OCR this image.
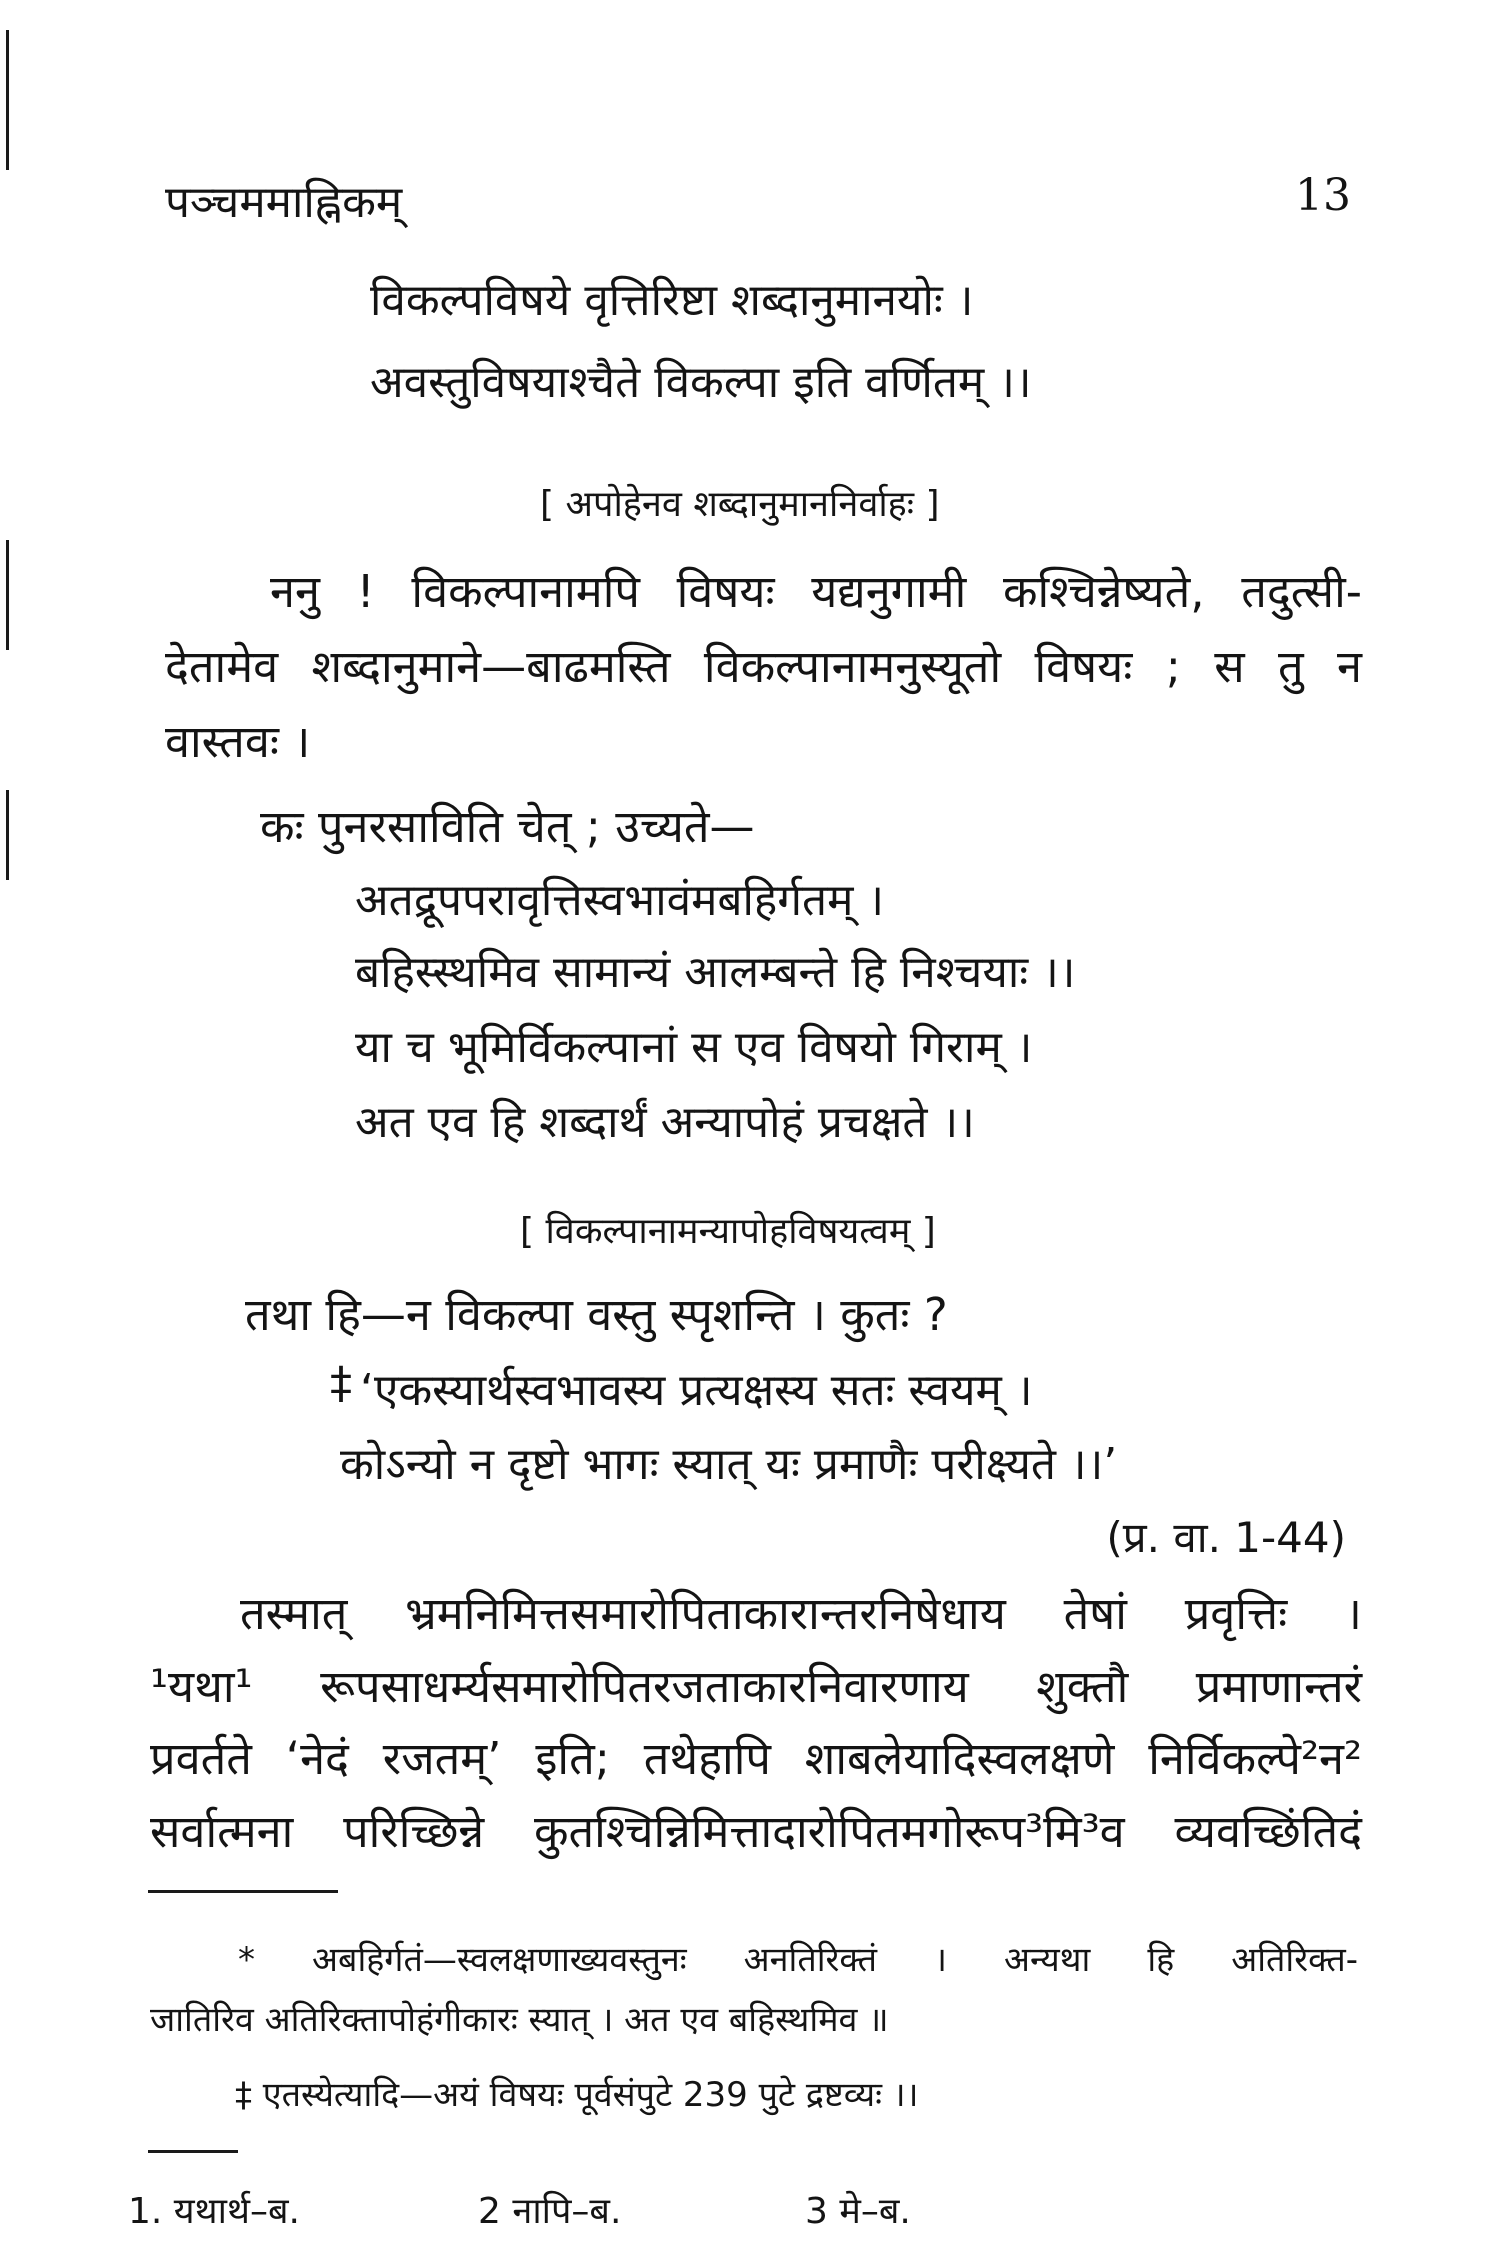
पञ्चममाह्निकम्	13
विकल्पविषये वृत्तिरिष्टा शब्दानुमानयोः ।
अवस्तुविषयाश्चैते विकल्पा इति वर्णितम् ।।
[ अपोहेनव शब्दानुमाननिर्वाहः ]
ननु ! विकल्पानामपि विषयः यद्यनुगामी कश्चिन्नेष्यते, तदुत्सी-
देतामेव शब्दानुमाने—बाढमस्ति विकल्पानामनुस्यूतो विषयः ; स तु न
वास्तवः ।
कः पुनरसाविति चेत् ; उच्यते—
अतद्रूपपरावृत्तिस्वभावंमबहिर्गतम् ।
बहिस्स्थमिव सामान्यं आलम्बन्ते हि निश्चयाः ।।
या च भूमिर्विकल्पानां स एव विषयो गिराम् ।
अत एव हि शब्दार्थं अन्यापोहं प्रचक्षते ।।
[ विकल्पानामन्यापोहविषयत्वम् ]
तथा हि—न विकल्पा वस्तु स्पृशन्ति । कुतः ?
‡ ‘एकस्यार्थस्वभावस्य प्रत्यक्षस्य सतः स्वयम् ।
कोऽन्यो न दृष्टो भागः स्यात् यः प्रमाणैः परीक्ष्यते ।।’
(प्र. वा. 1-44)
तस्मात् भ्रमनिमित्तसमारोपिताकारान्तरनिषेधाय तेषां प्रवृत्तिः ।
¹यथा¹ रूपसाधर्म्यसमारोपितरजताकारनिवारणाय शुक्तौ प्रमाणान्तरं
प्रवर्तते ‘नेदं रजतम्’ इति; तथेहापि शाबलेयादिस्वलक्षणे निर्विकल्पे²न²
सर्वात्मना परिच्छिन्ने कुतश्चिन्निमित्तादारोपितमगोरूप³मि³व व्यवच्छिंतिदं
* अबहिर्गतं—स्वलक्षणाख्यवस्तुनः अनतिरिक्तं । अन्यथा हि अतिरिक्त-
जातिरिव अतिरिक्तापोहंगीकारः स्यात् । अत एव बहिस्थमिव ॥
‡ एतस्येत्यादि—अयं विषयः पूर्वसंपुटे 239 पुटे द्रष्टव्यः ।।
1. यथार्थ–ब.	2 नापि–ब.	3 मे–ब.
